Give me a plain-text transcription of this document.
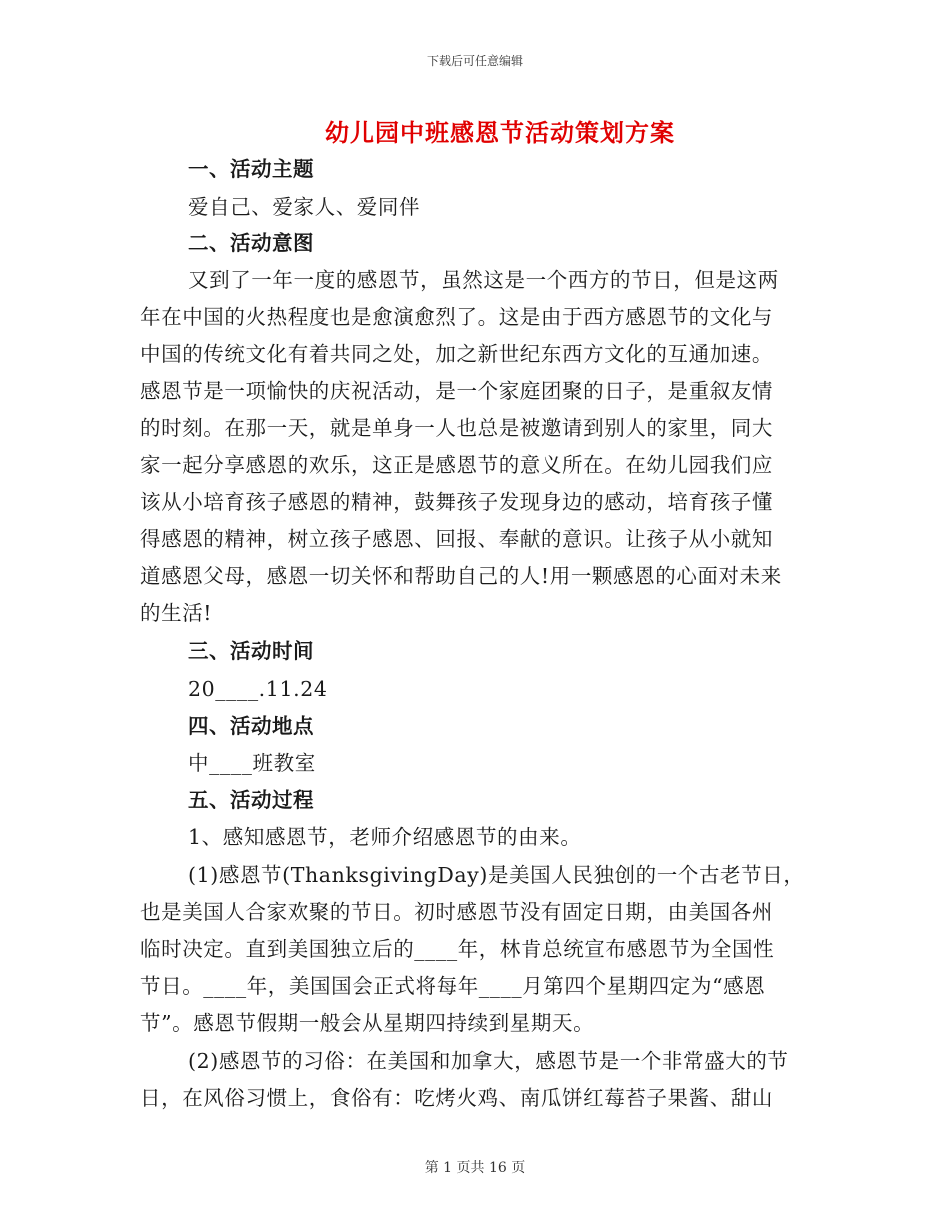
下载后可任意编辑
幼儿园中班感恩节活动策划方案
一、活动主题
爱自己、爱家人、爱同伴
二、活动意图
又到了一年一度的感恩节，虽然这是一个西方的节日，但是这两
年在中国的火热程度也是愈演愈烈了。这是由于西方感恩节的文化与
中国的传统文化有着共同之处，加之新世纪东西方文化的互通加速。
感恩节是一项愉快的庆祝活动，是一个家庭团聚的日子，是重叙友情
的时刻。在那一天，就是单身一人也总是被邀请到别人的家里，同大
家一起分享感恩的欢乐，这正是感恩节的意义所在。在幼儿园我们应
该从小培育孩子感恩的精神，鼓舞孩子发现身边的感动，培育孩子懂
得感恩的精神，树立孩子感恩、回报、奉献的意识。让孩子从小就知
道感恩父母，感恩一切关怀和帮助自己的人!用一颗感恩的心面对未来
的生活!
三、活动时间
20____.11.24
四、活动地点
中____班教室
五、活动过程
1、感知感恩节，老师介绍感恩节的由来。
(1)感恩节(ThanksgivingDay)是美国人民独创的一个古老节日，
也是美国人合家欢聚的节日。初时感恩节没有固定日期，由美国各州
临时决定。直到美国独立后的____年，林肯总统宣布感恩节为全国性
节日。____年，美国国会正式将每年____月第四个星期四定为“感恩
节”。感恩节假期一般会从星期四持续到星期天。
(2)感恩节的习俗：在美国和加拿大，感恩节是一个非常盛大的节
日，在风俗习惯上，食俗有：吃烤火鸡、南瓜饼红莓苔子果酱、甜山
第 1 页共 16 页
